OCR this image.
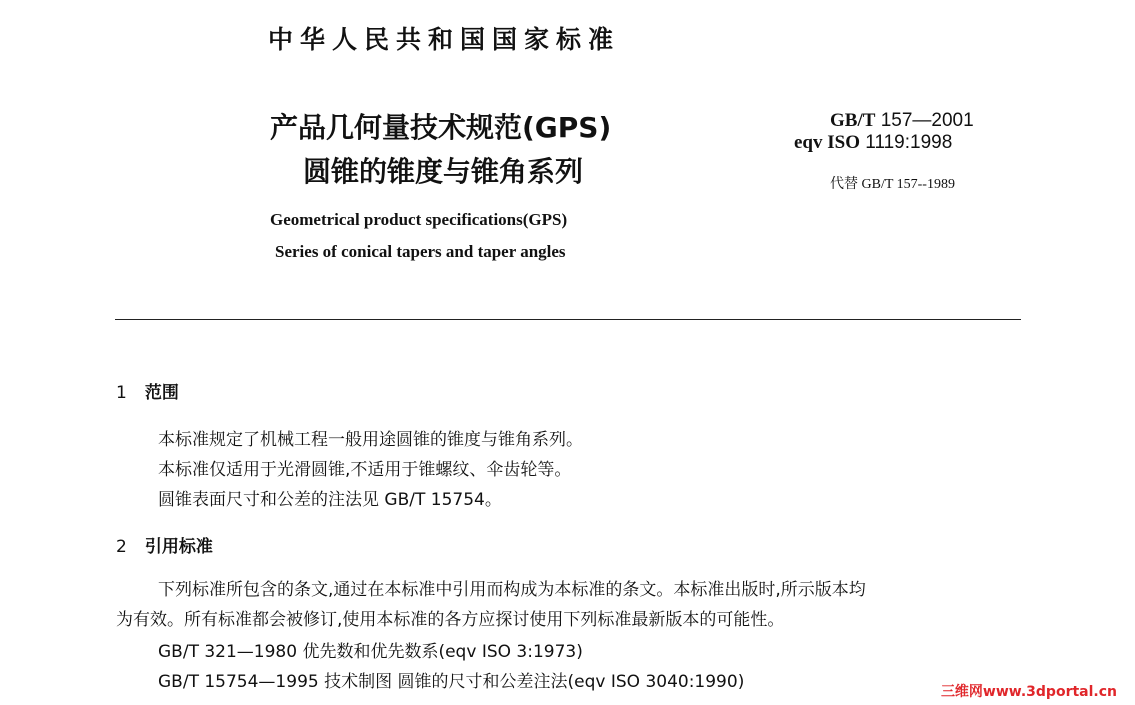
中华人民共和国国家标准
产品几何量技术规范(GPS)
圆锥的锥度与锥角系列
Geometrical product specifications(GPS)
Series of conical tapers and taper angles
GB/T 157—2001
eqv ISO 1119:1998
代替 GB/T 157--1989
1 范围
本标准规定了机械工程一般用途圆锥的锥度与锥角系列。
本标准仅适用于光滑圆锥,不适用于锥螺纹、伞齿轮等。
圆锥表面尺寸和公差的注法见 GB/T 15754。
2 引用标准
下列标准所包含的条文,通过在本标准中引用而构成为本标准的条文。本标准出版时,所示版本均
为有效。所有标准都会被修订,使用本标准的各方应探讨使用下列标准最新版本的可能性。
GB/T 321—1980 优先数和优先数系(eqv ISO 3:1973)
GB/T 15754—1995 技术制图 圆锥的尺寸和公差注法(eqv ISO 3040:1990)	三维网www.3dportal.cn
